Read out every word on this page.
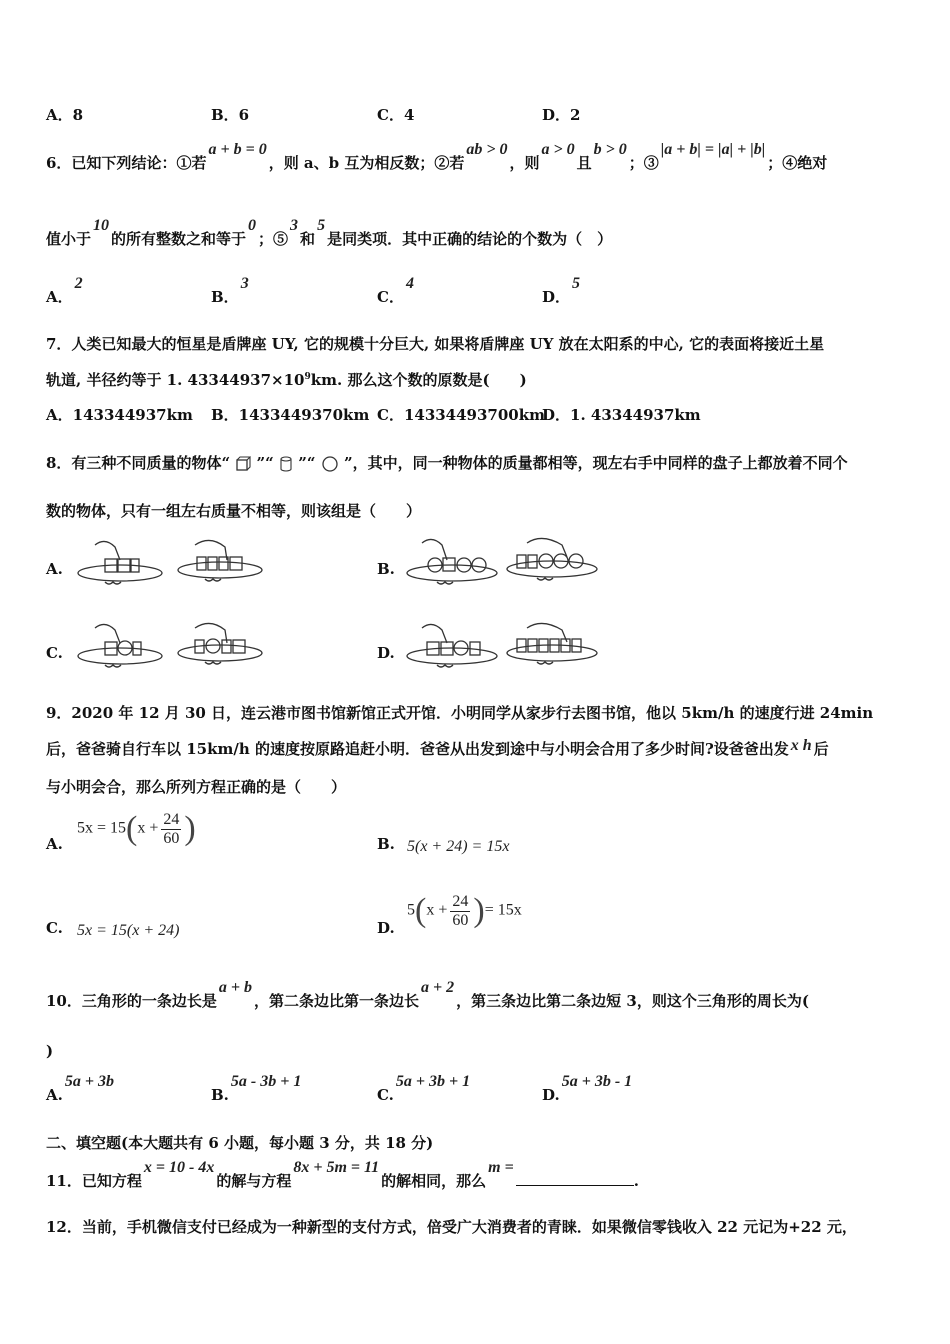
A．8	B．6	C．4	D．2
6．已知下列结论：①若a + b = 0，则 a、b 互为相反数；②若ab > 0，则a > 0且b > 0；③|a + b| = |a| + |b|；④绝对
值小于10的所有整数之和等于0；⑤3和5是同类项．其中正确的结论的个数为（　）
A．2
B．3
C．4
D．5
7．人类已知最大的恒星是盾牌座 UY, 它的规模十分巨大, 如果将盾牌座 UY 放在太阳系的中心, 它的表面将接近土星
轨道, 半径约等于 1. $43344937\times 10^9km$. 那么这个数的原数是(　　)
A．143344937km B．1433449370km C．14334493700km
D．1. 43344937km
8．有三种不同质量的物体“ ”“ ”“ ”，其中，同一种物体的质量都相等，现左右手中同样的盘子上都放着不同个
数的物体，只有一组左右质量不相等，则该组是（　　）
A.	B.
C.	D.
9．2020 年 12 月 30 日，连云港市图书馆新馆正式开馆．小明同学从家步行去图书馆，他以 5km/h 的速度行进 24min
后，爸爸骑自行车以 15km/h 的速度按原路追赶小明．爸爸从出发到途中与小明会合用了多少时间?设爸爸出发 x h 后
与小明会合，那么所列方程正确的是（　　）
A.
$5x = 15(x + \frac{24}{60}$ )	B. 5(x + 24) = 15x
C. 5x = 15(x + 24)	D.
$5(x + \frac{24}{60}$ )= 15x
10．三角形的一条边长是a + b，第二条边比第一条边长a + 2，第三条边比第二条边短 3，则这个三角形的周长为(
)
A.5a + 3b
B.5a - 3b + 1
C.5a + 3b + 1
D.5a + 3b - 1
二、填空题(本大题共有 6 小题，每小题 3 分，共 18 分)
11．已知方程x = 10 - 4x的解与方程8x + 5m = 11的解相同，那么m =.
12．当前，手机微信支付已经成为一种新型的支付方式，倍受广大消费者的青睐．如果微信零钱收入 22 元记为+22 元，
